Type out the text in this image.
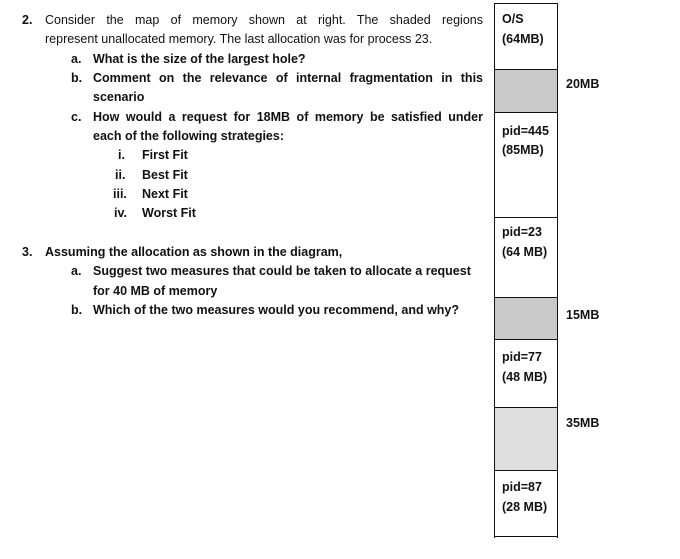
2. Consider the map of memory shown at right. The shaded regions
represent unallocated memory. The last allocation was for process 23.
a. What is the size of the largest hole?
b. Comment on the relevance of internal fragmentation in this
scenario
c. How would a request for 18MB of memory be satisfied under
each of the following strategies:
i. First Fit
ii. Best Fit
iii. Next Fit
iv. Worst Fit
3. Assuming the allocation as shown in the diagram,
a. Suggest two measures that could be taken to allocate a request
for 40 MB of memory
b. Which of the two measures would you recommend, and why?
O/S
(64MB)
pid=445
(85MB)
pid=23
(64 MB)
pid=77
(48 MB)
pid=87
(28 MB)
20MB
15MB
35MB
